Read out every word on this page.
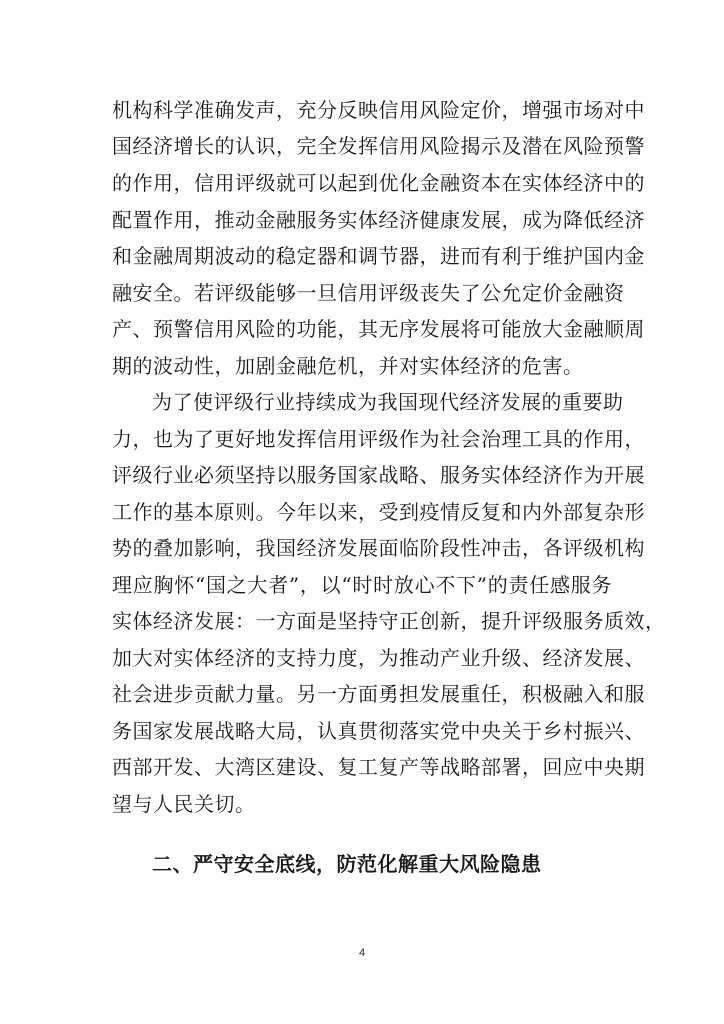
机构科学准确发声，充分反映信用风险定价，增强市场对中
国经济增长的认识，完全发挥信用风险揭示及潜在风险预警
的作用，信用评级就可以起到优化金融资本在实体经济中的
配置作用，推动金融服务实体经济健康发展，成为降低经济
和金融周期波动的稳定器和调节器，进而有利于维护国内金
融安全。若评级能够一旦信用评级丧失了公允定价金融资
产、预警信用风险的功能，其无序发展将可能放大金融顺周
期的波动性，加剧金融危机，并对实体经济的危害。
为了使评级行业持续成为我国现代经济发展的重要助
力，也为了更好地发挥信用评级作为社会治理工具的作用，
评级行业必须坚持以服务国家战略、服务实体经济作为开展
工作的基本原则。今年以来，受到疫情反复和内外部复杂形
势的叠加影响，我国经济发展面临阶段性冲击，各评级机构
理应胸怀“国之大者”，以“时时放心不下”的责任感服务
实体经济发展：一方面是坚持守正创新，提升评级服务质效，
加大对实体经济的支持力度，为推动产业升级、经济发展、
社会进步贡献力量。另一方面勇担发展重任，积极融入和服
务国家发展战略大局，认真贯彻落实党中央关于乡村振兴、
西部开发、大湾区建设、复工复产等战略部署，回应中央期
望与人民关切。
二、严守安全底线，防范化解重大风险隐患
4
